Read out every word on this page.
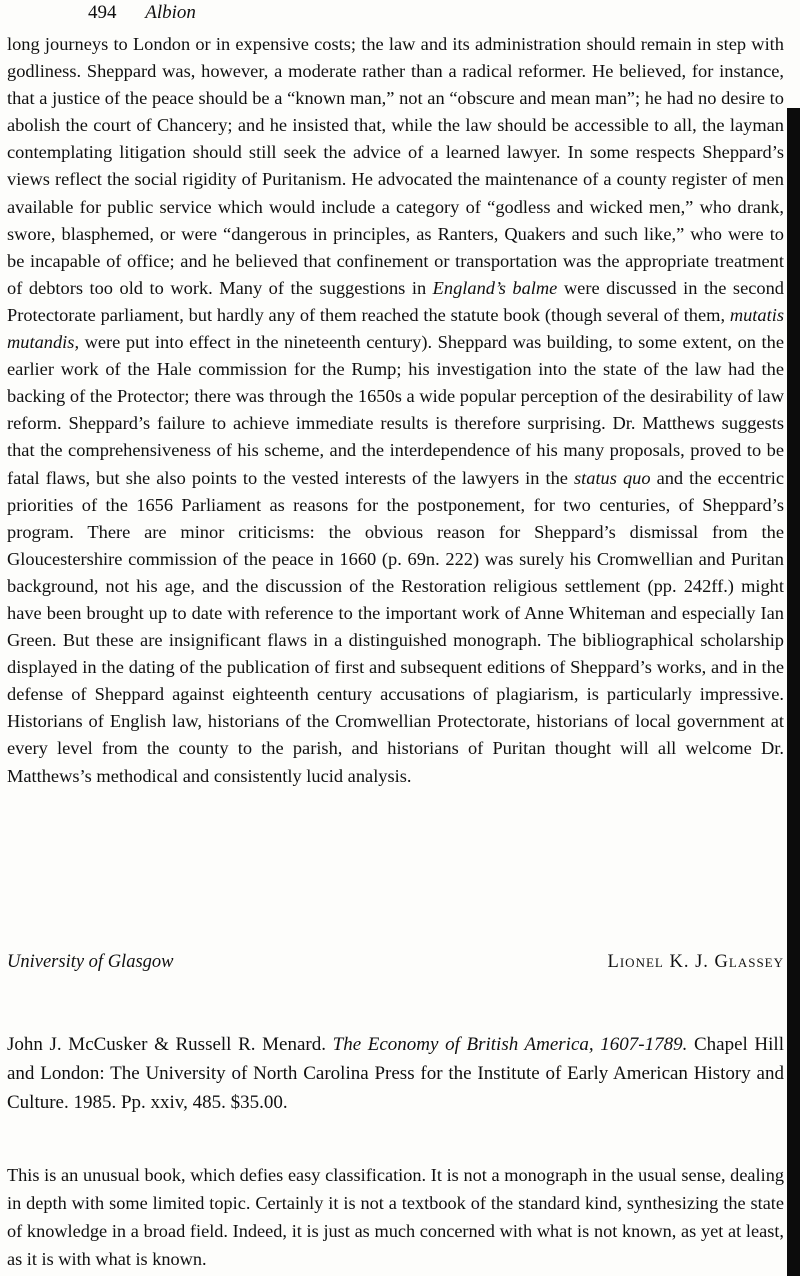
494 Albion

long journeys to London or in expensive costs; the law and its administration should remain in step with godliness. Sheppard was, however, a moderate rather than a radical reformer. He believed, for instance, that a justice of the peace should be a “known man,” not an “obscure and mean man”; he had no desire to abolish the court of Chancery; and he insisted that, while the law should be accessible to all, the layman contemplating litigation should still seek the advice of a learned lawyer. In some respects Sheppard’s views reflect the social rigidity of Puritanism. He advocated the maintenance of a county register of men available for public service which would include a category of “godless and wicked men,” who drank, swore, blasphemed, or were “dangerous in principles, as Ranters, Quakers and such like,” who were to be incapable of office; and he believed that confinement or transportation was the appropriate treatment of debtors too old to work. Many of the suggestions in England’s balme were discussed in the second Protectorate parliament, but hardly any of them reached the statute book (though several of them, mutatis mutandis, were put into effect in the nineteenth century). Sheppard was building, to some extent, on the earlier work of the Hale commission for the Rump; his investigation into the state of the law had the backing of the Protector; there was through the 1650s a wide popular perception of the desirability of law reform. Sheppard’s failure to achieve immediate results is therefore surprising. Dr. Matthews suggests that the comprehensiveness of his scheme, and the interdependence of his many proposals, proved to be fatal flaws, but she also points to the vested interests of the lawyers in the status quo and the eccentric priorities of the 1656 Parliament as reasons for the postponement, for two centuries, of Sheppard’s program. There are minor criticisms: the obvious reason for Sheppard’s dismissal from the Gloucestershire commission of the peace in 1660 (p. 69n. 222) was surely his Cromwellian and Puritan background, not his age, and the discussion of the Restoration religious settlement (pp. 242ff.) might have been brought up to date with reference to the important work of Anne Whiteman and especially Ian Green. But these are insignificant flaws in a distinguished monograph. The bibliographical scholarship displayed in the dating of the publication of first and subsequent editions of Sheppard’s works, and in the defense of Sheppard against eighteenth century accusations of plagiarism, is particularly impressive. Historians of English law, historians of the Cromwellian Protectorate, historians of local government at every level from the county to the parish, and historians of Puritan thought will all welcome Dr. Matthews’s methodical and consistently lucid analysis.

University of Glasgow	Lionel K. J. Glassey

John J. McCusker & Russell R. Menard. The Economy of British America, 1607-1789. Chapel Hill and London: The University of North Carolina Press for the Institute of Early American History and Culture. 1985. Pp. xxiv, 485. $35.00.

This is an unusual book, which defies easy classification. It is not a monograph in the usual sense, dealing in depth with some limited topic. Certainly it is not a textbook of the standard kind, synthesizing the state of knowledge in a broad field. Indeed, it is just as much concerned with what is not known, as yet at least, as it is with what is known.
